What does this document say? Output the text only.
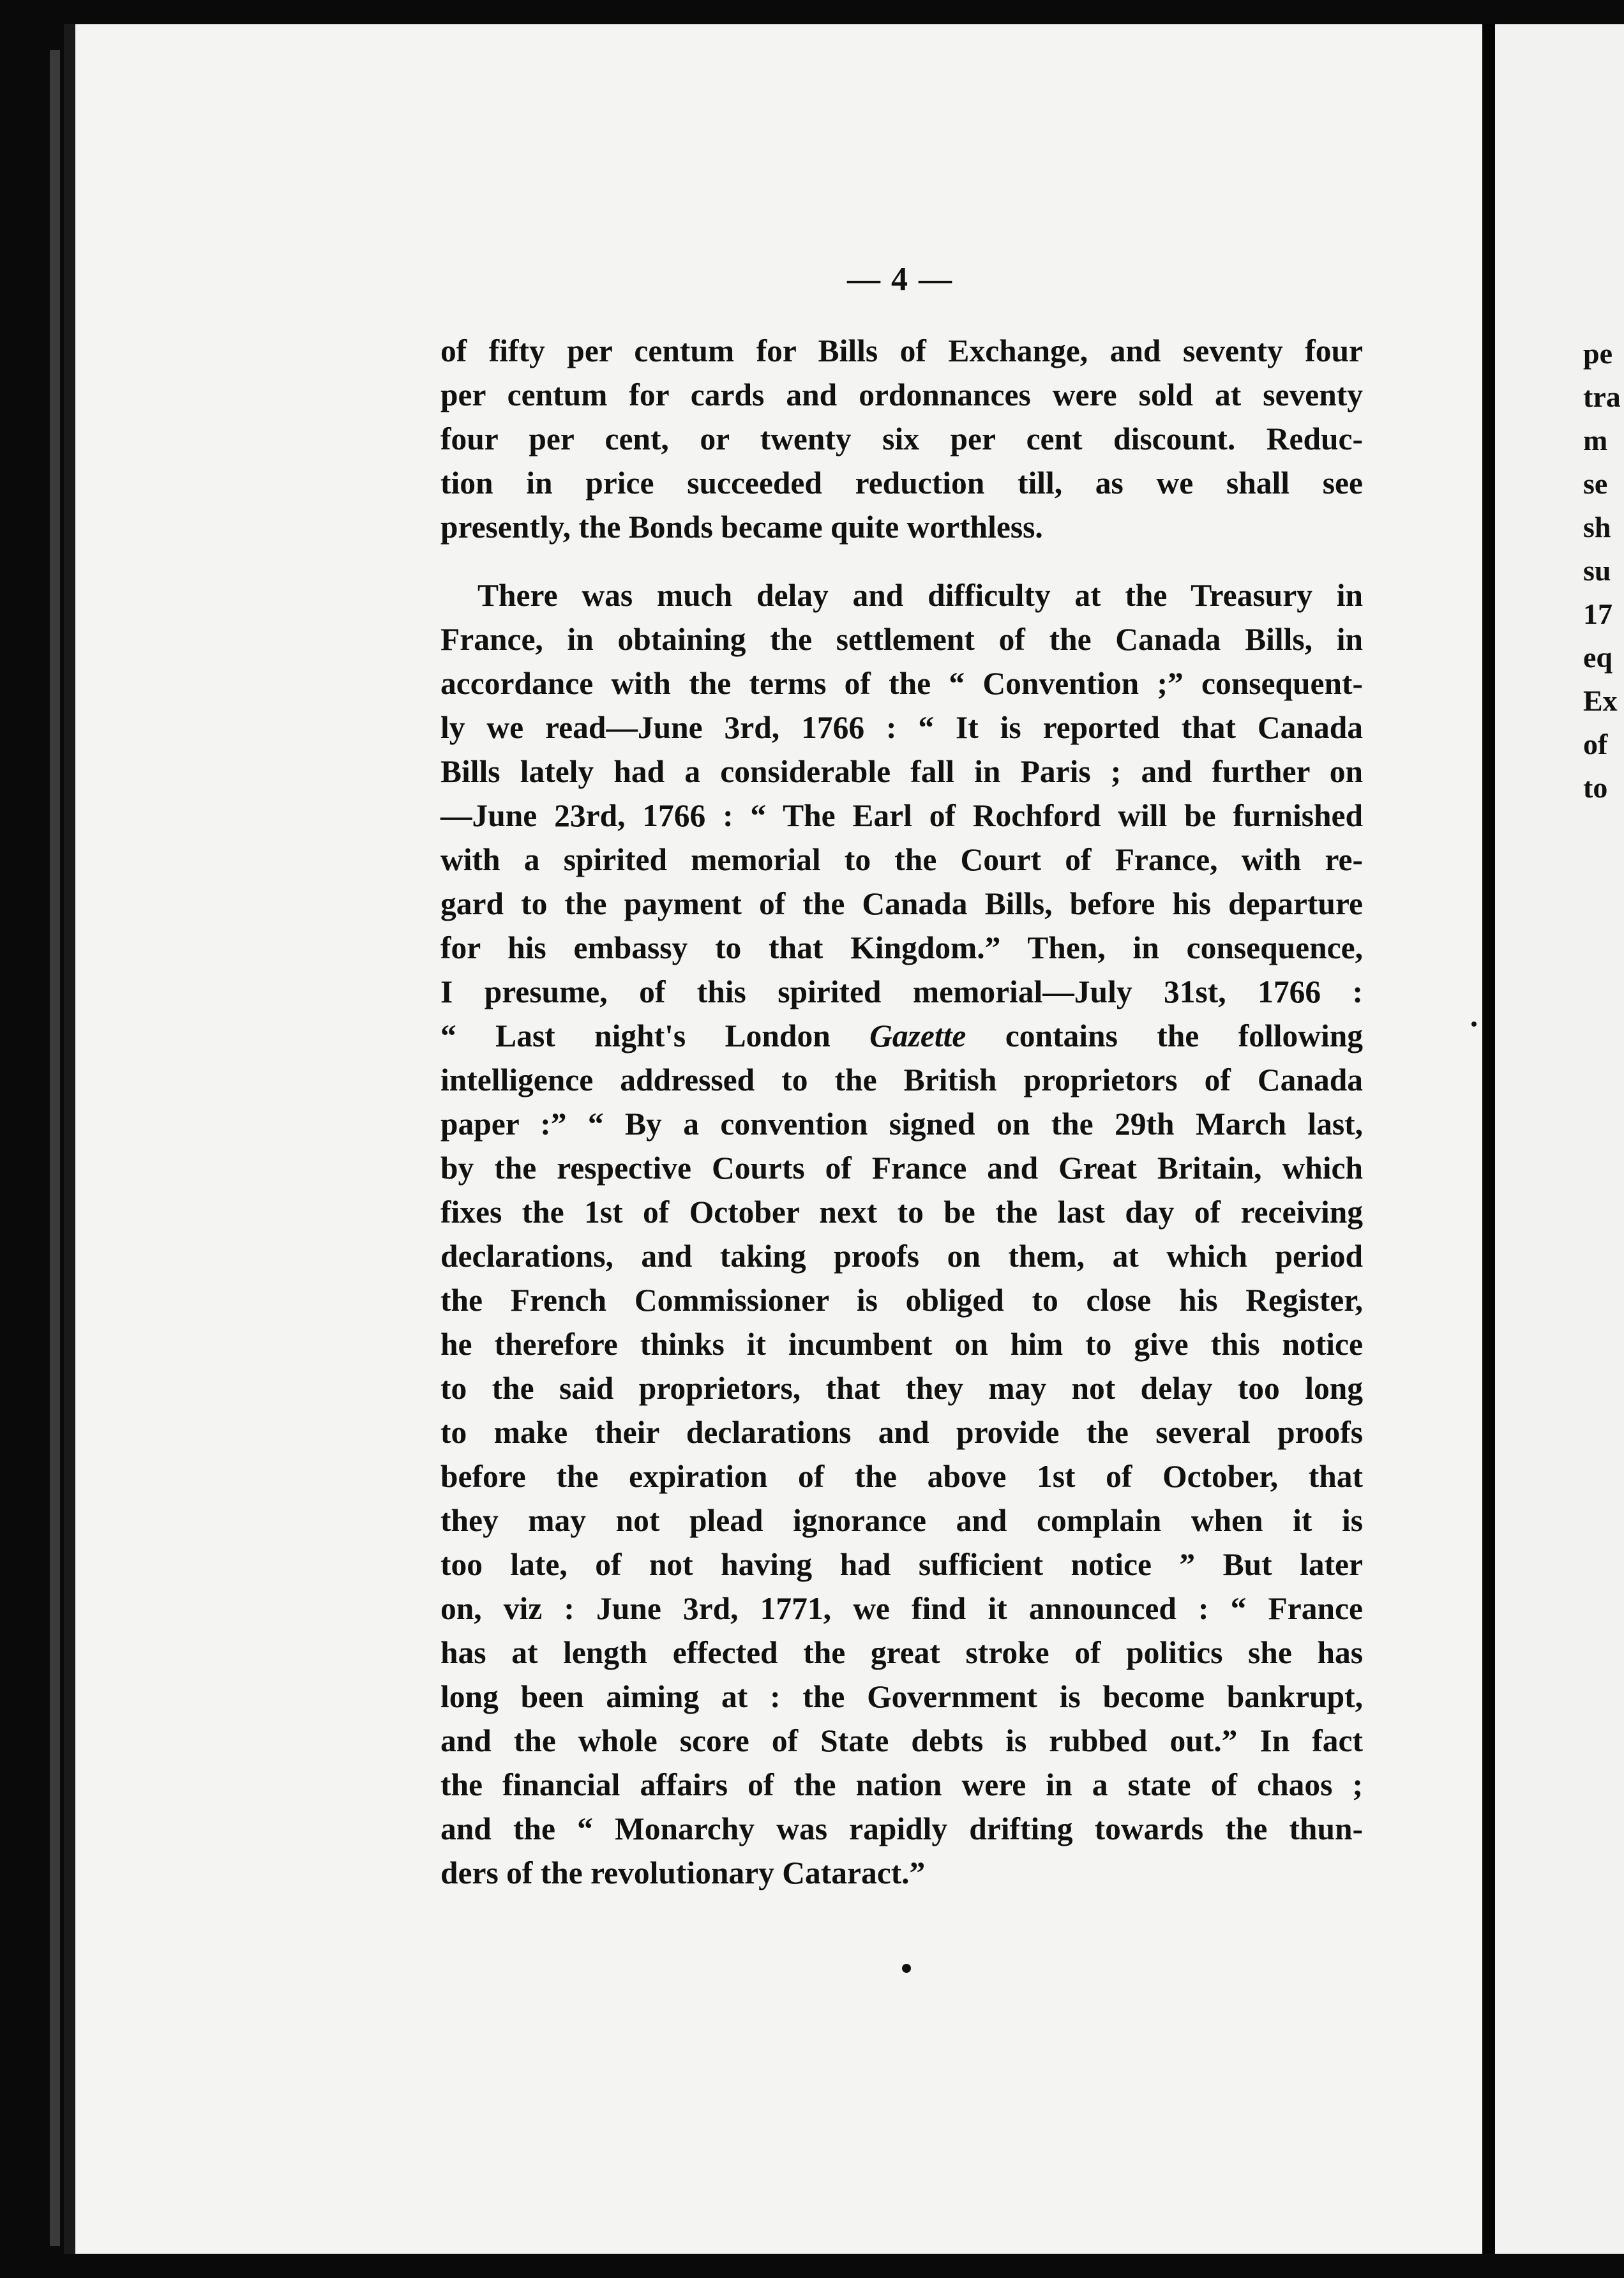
— 4 —
of fifty per centum for Bills of Exchange, and seventy four
per centum for cards and ordonnances were sold at seventy
four per cent, or twenty six per cent discount. Reduc-
tion in price succeeded reduction till, as we shall see
presently, the Bonds became quite worthless.
There was much delay and difficulty at the Treasury in
France, in obtaining the settlement of the Canada Bills, in
accordance with the terms of the “ Convention ;” consequent-
ly we read—June 3rd, 1766 : “ It is reported that Canada
Bills lately had a considerable fall in Paris ; and further on
—June 23rd, 1766 : “ The Earl of Rochford will be furnished
with a spirited memorial to the Court of France, with re-
gard to the payment of the Canada Bills, before his departure
for his embassy to that Kingdom.” Then, in consequence,
I presume, of this spirited memorial—July 31st, 1766 :
“ Last night's London Gazette contains the following
intelligence addressed to the British proprietors of Canada
paper :” “ By a convention signed on the 29th March last,
by the respective Courts of France and Great Britain, which
fixes the 1st of October next to be the last day of receiving
declarations, and taking proofs on them, at which period
the French Commissioner is obliged to close his Register,
he therefore thinks it incumbent on him to give this notice
to the said proprietors, that they may not delay too long
to make their declarations and provide the several proofs
before the expiration of the above 1st of October, that
they may not plead ignorance and complain when it is
too late, of not having had sufficient notice ” But later
on, viz : June 3rd, 1771, we find it announced : “ France
has at length effected the great stroke of politics she has
long been aiming at : the Government is become bankrupt,
and the whole score of State debts is rubbed out.” In fact
the financial affairs of the nation were in a state of chaos ;
and the “ Monarchy was rapidly drifting towards the thun-
ders of the revolutionary Cataract.”
pe
tra
m
se
sh
su
17
eq
Ex
of
to
